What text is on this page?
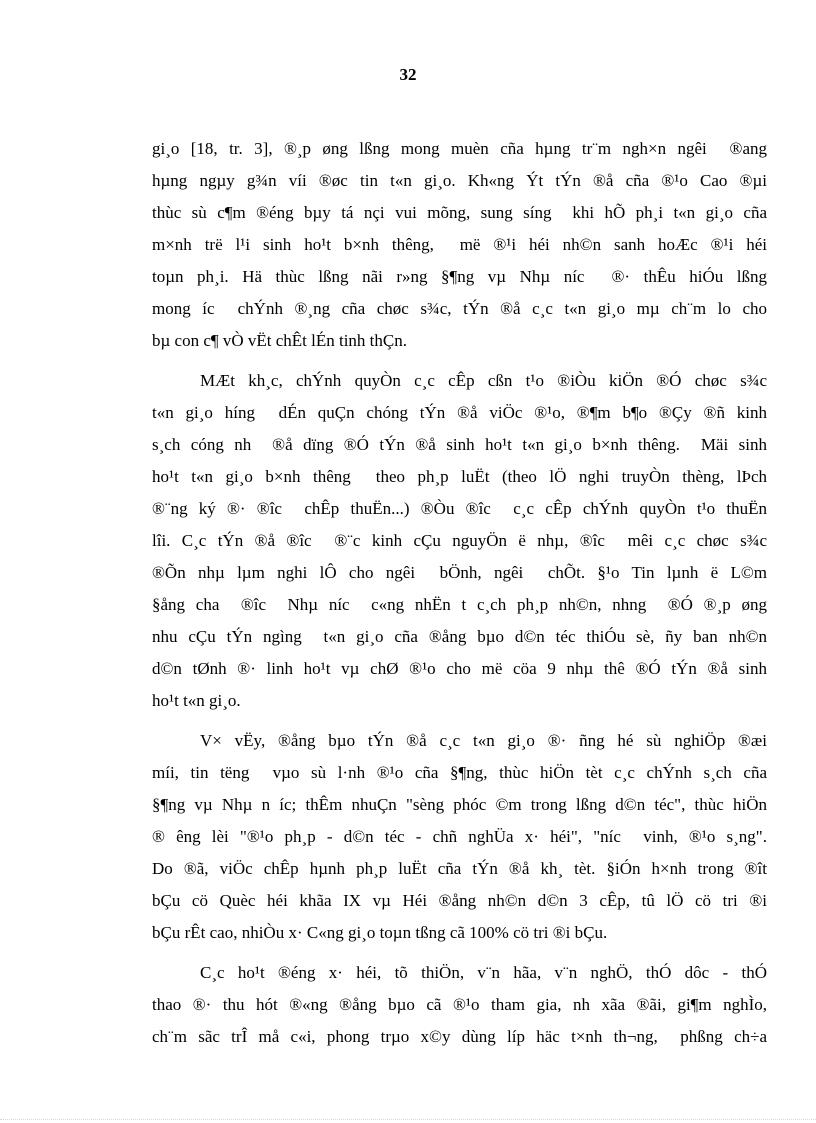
32
gi¸o [18, tr. 3], ®¸p øng lßng mong muèn cña hµng tr¨m ngh×n ngêi  ®ang
hµng ngµy g¾n víi ®øc tin t«n gi¸o. Kh«ng Ýt tÝn ®å cña ®¹o Cao ®µi
thùc sù c¶m ®éng bµy tá nçi vui mõng, sung síng  khi hÕ ph¸i t«n gi¸o cña
m×nh trë l¹i sinh ho¹t b×nh thêng,  më ®¹i héi nh©n sanh hoÆc ®¹i héi
toµn ph¸i. Hä thùc lßng nãi r»ng §¶ng vµ Nhµ níc  ®· thÊu hiÓu lßng
mong íc  chÝnh ®¸ng cña chøc s¾c, tÝn ®å c¸c t«n gi¸o mµ ch¨m lo cho
bµ con c¶ vÒ vËt chÊt lÉn tinh thÇn.
MÆt kh¸c, chÝnh quyÒn c¸c cÊp cßn t¹o ®iÒu kiÖn ®Ó chøc s¾c
t«n gi¸o híng  dÉn quÇn chóng tÝn ®å viÖc ®¹o, ®¶m b¶o ®Çy ®ñ kinh
s¸ch cóng nh  ®å dïng ®Ó tÝn ®å sinh ho¹t t«n gi¸o b×nh thêng.  Mäi sinh
ho¹t t«n gi¸o b×nh thêng  theo ph¸p luËt (theo lÖ nghi truyÒn thèng, lÞch
®¨ng ký ®· ®îc  chÊp thuËn...) ®Òu ®îc  c¸c cÊp chÝnh quyÒn t¹o thuËn
lîi. C¸c tÝn ®å ®îc  ®¨c kinh cÇu nguyÖn ë nhµ, ®îc  mêi c¸c chøc s¾c
®Õn nhµ lµm nghi lÔ cho ngêi  bÖnh, ngêi  chÕt. §¹o Tin lµnh ë L©m
§ång cha  ®îc  Nhµ níc  c«ng nhËn t c¸ch ph¸p nh©n, nhng  ®Ó ®¸p øng
nhu cÇu tÝn ngìng  t«n gi¸o cña ®ång bµo d©n téc thiÓu sè, ñy ban nh©n
d©n tØnh ®· linh ho¹t vµ chØ ®¹o cho më cöa 9 nhµ thê ®Ó tÝn ®å sinh
ho¹t t«n gi¸o.
V× vËy, ®ång bµo tÝn ®å c¸c t«n gi¸o ®· ñng hé sù nghiÖp ®æi
míi, tin tëng  vµo sù l·nh ®¹o cña §¶ng, thùc hiÖn tèt c¸c chÝnh s¸ch cña
§¶ng vµ Nhµ n íc; thÊm nhuÇn "sèng phóc ©m trong lßng d©n téc", thùc hiÖn
® êng lèi "®¹o ph¸p - d©n téc - chñ nghÜa x· héi", "níc  vinh, ®¹o s¸ng".
Do ®ã, viÖc chÊp hµnh ph¸p luËt cña tÝn ®å kh¸ tèt. §iÓn h×nh trong ®ît
bÇu cö Quèc héi khãa IX vµ Héi ®ång nh©n d©n 3 cÊp, tû lÖ cö tri ®i
bÇu rÊt cao, nhiÒu x· C«ng gi¸o toµn tßng cã 100% cö tri ®i bÇu.
C¸c ho¹t ®éng x· héi, tõ thiÖn, v¨n hãa, v¨n nghÖ, thÓ dôc - thÓ
thao ®· thu hót ®«ng ®ång bµo cã ®¹o tham gia, nh xãa ®ãi, gi¶m nghÌo,
ch¨m sãc trÎ må c«i, phong trµo x©y dùng líp häc t×nh th¬ng,  phßng ch÷a
